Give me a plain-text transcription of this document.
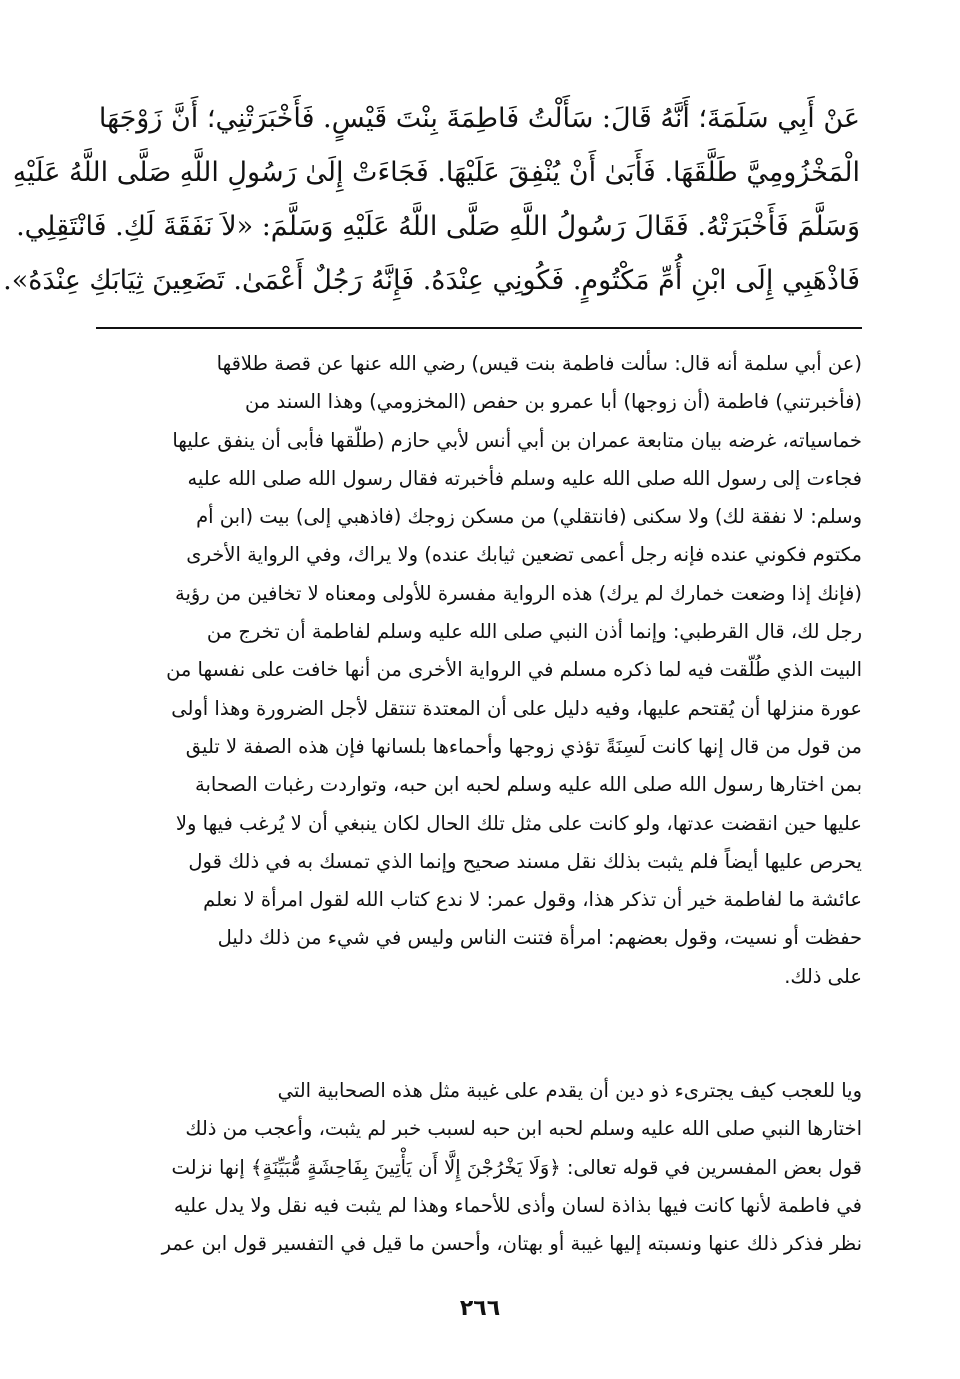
عَنْ أَبِي سَلَمَةَ؛ أَنَّهُ قَالَ: سَأَلْتُ فَاطِمَةَ بِنْتَ قَيْسٍ. فَأَخْبَرَتْنِي؛ أَنَّ زَوْجَهَا
الْمَخْزُومِيَّ طَلَّقَهَا. فَأَبَىٰ أَنْ يُنْفِقَ عَلَيْهَا. فَجَاءَتْ إِلَىٰ رَسُولِ اللَّهِ صَلَّى اللَّهُ عَلَيْهِ
وَسَلَّمَ فَأَخْبَرَتْهُ. فَقَالَ رَسُولُ اللَّهِ صَلَّى اللَّهُ عَلَيْهِ وَسَلَّمَ: «لاَ نَفَقَةَ لَكِ. فَانْتَقِلِي.
فَاذْهَبِي إِلَى ابْنِ أُمِّ مَكْتُومٍ. فَكُونِي عِنْدَهُ. فَإِنَّهُ رَجُلٌ أَعْمَىٰ. تَضَعِينَ ثِيَابَكِ عِنْدَهُ».
(عن أبي سلمة أنه قال: سألت فاطمة بنت قيس) رضي الله عنها عن قصة طلاقها
(فأخبرتني) فاطمة (أن زوجها) أبا عمرو بن حفص (المخزومي) وهذا السند من
خماسياته، غرضه بيان متابعة عمران بن أبي أنس لأبي حازم (طلّقها فأبى أن ينفق عليها
فجاءت إلى رسول الله صلى الله عليه وسلم فأخبرته فقال رسول الله صلى الله عليه
وسلم: لا نفقة لك) ولا سكنى (فانتقلي) من مسكن زوجك (فاذهبي إلى) بيت (ابن أم
مكتوم فكوني عنده فإنه رجل أعمى تضعين ثيابك عنده) ولا يراك، وفي الرواية الأخرى
(فإنك إذا وضعت خمارك لم يرك) هذه الرواية مفسرة للأولى ومعناه لا تخافين من رؤية
رجل لك، قال القرطبي: وإنما أذن النبي صلى الله عليه وسلم لفاطمة أن تخرج من
البيت الذي طُلّقت فيه لما ذكره مسلم في الرواية الأخرى من أنها خافت على نفسها من
عورة منزلها أن يُقتحم عليها، وفيه دليل على أن المعتدة تنتقل لأجل الضرورة وهذا أولى
من قول من قال إنها كانت لَسِنَةً تؤذي زوجها وأحماءها بلسانها فإن هذه الصفة لا تليق
بمن اختارها رسول الله صلى الله عليه وسلم لحبه ابن حبه، وتواردت رغبات الصحابة
عليها حين انقضت عدتها، ولو كانت على مثل تلك الحال لكان ينبغي أن لا يُرغب فيها ولا
يحرص عليها أيضاً فلم يثبت بذلك نقل مسند صحيح وإنما الذي تمسك به في ذلك قول
عائشة ما لفاطمة خير أن تذكر هذا، وقول عمر: لا ندع كتاب الله لقول امرأة لا نعلم
حفظت أو نسيت، وقول بعضهم: امرأة فتنت الناس وليس في شيء من ذلك دليل
على ذلك.
ويا للعجب كيف يجترىء ذو دين أن يقدم على غيبة مثل هذه الصحابية التي
اختارها النبي صلى الله عليه وسلم لحبه ابن حبه لسبب خبر لم يثبت، وأعجب من ذلك
قول بعض المفسرين في قوله تعالى: ﴿وَلَا يَخْرُجْنَ إِلَّا أَن يَأْتِينَ بِفَاحِشَةٍ مُّبَيِّنَةٍ﴾ إنها نزلت
في فاطمة لأنها كانت فيها بذاذة لسان وأذى للأحماء وهذا لم يثبت فيه نقل ولا يدل عليه
نظر فذكر ذلك عنها ونسبته إليها غيبة أو بهتان، وأحسن ما قيل في التفسير قول ابن عمر
٢٦٦
